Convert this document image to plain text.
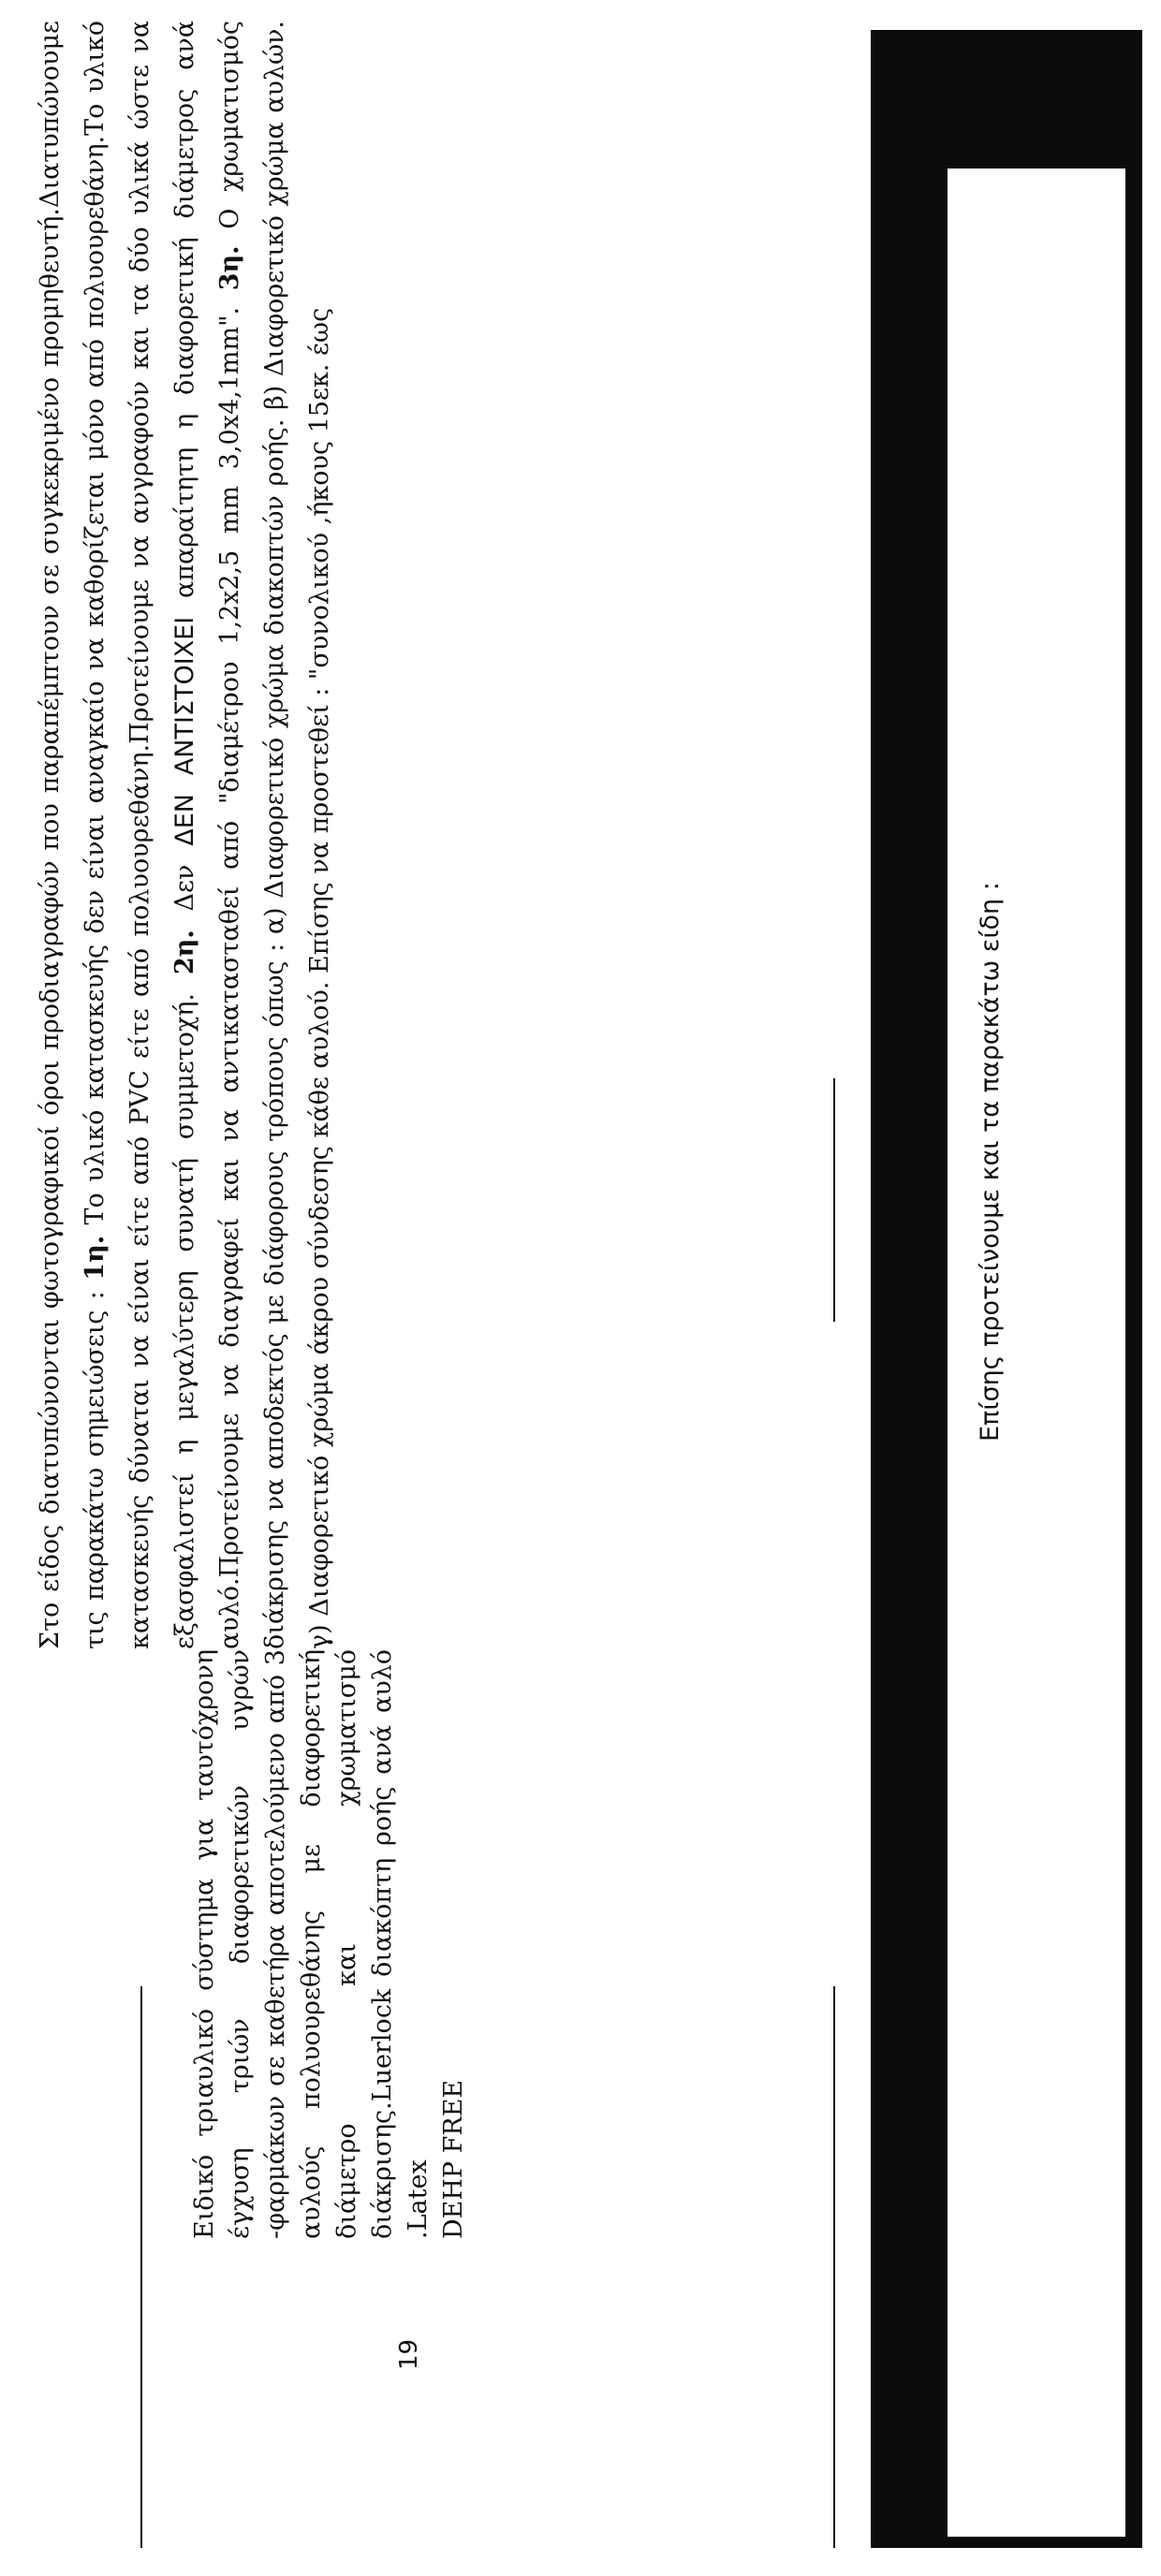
19

Ειδικό τριαυλικό σύστημα για ταυτόχρονη έγχυση τριών διαφορετικών υγρών -φαρμάκων σε καθετήρα αποτελούμενο από 3 αυλούς πολυουρεθάνης με διαφορετική διάμετρο και χρωματισμό διάκρισης.Luerlock διακόπτη ροής ανά αυλό .Latex DEHP FREE

Στο είδος διατυπώνονται φωτογραφικοί όροι προδιαγραφών που παραπέμπτουν σε συγκεκριμένο προμηθευτή.Διατυπώνουμε τις παρακάτω σημειώσεις : 1η. Το υλικό κατασκευής δεν είναι αναγκαίο να καθορίζεται μόνο από πολυουρεθάνη.Το υλικό κατασκευής δύναται να είναι είτε από PVC είτε από πολυουρεθάνη.Προτείνουμε να ανγραφούν και τα δύο υλικά ώστε να εξασφαλιστεί η μεγαλύτερη συνατή συμμετοχή. 2η. Δεν ΔΕΝ ΑΝΤΙΣΤΟΙΧΕΙ απαραίτητη η διαφορετική διάμετρος ανά αυλό.Προτείνουμε να διαγραφεί και να αντικατασταθεί από "διαμέτρου 1,2x2,5 mm 3,0x4,1mm". 3η. Ο χρωματισμός διάκρισης να αποδεκτός με διάφορους τρόπους όπως : α) Διαφορετικό χρώμα διακοπτών ροής. β) Διαφορετικό χρώμα αυλών. γ) Διαφορετικό χρώμα άκρου σύνδεσης κάθε αυλού. Επίσης να προστεθεί : "συνολικού ,ήκους 15εκ. έως	Επίσης προτείνουμε και τα παρακάτω είδη :
